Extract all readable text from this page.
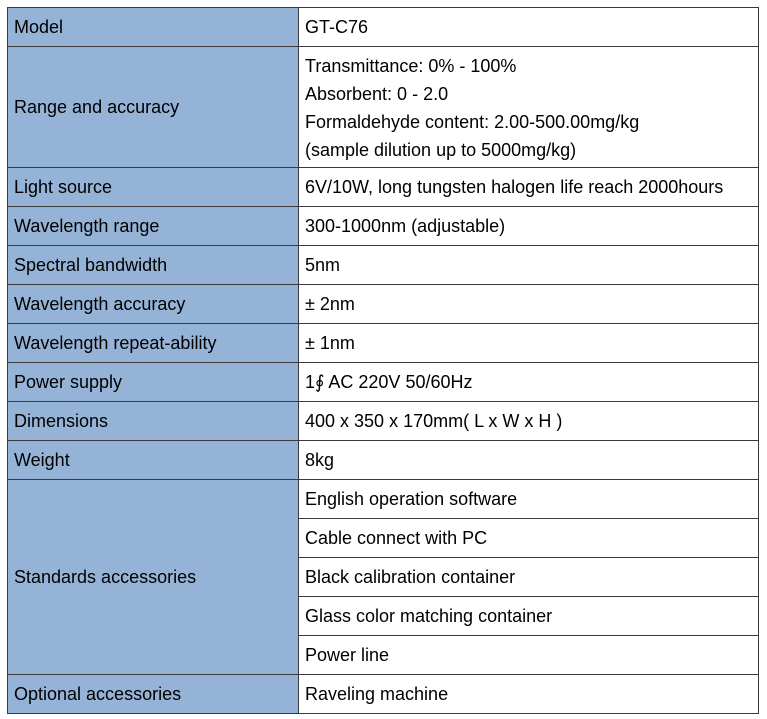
Model	GT-C76
Range and accuracy	Transmittance: 0% - 100%
Absorbent: 0 - 2.0
Formaldehyde content: 2.00-500.00mg/kg
(sample dilution up to 5000mg/kg)

Light source	6V/10W, long tungsten halogen life reach 2000hours
Wavelength range	300-1000nm (adjustable)
Spectral bandwidth	5nm
Wavelength accuracy	± 2nm
Wavelength repeat-ability	± 1nm
Power supply	1∮ AC 220V 50/60Hz
Dimensions	400 x 350 x 170mm( L x W x H )
Weight	8kg
Standards accessories	English operation software
	Cable connect with PC
	Black calibration container
	Glass color matching container
	Power line
Optional accessories	Raveling machine
